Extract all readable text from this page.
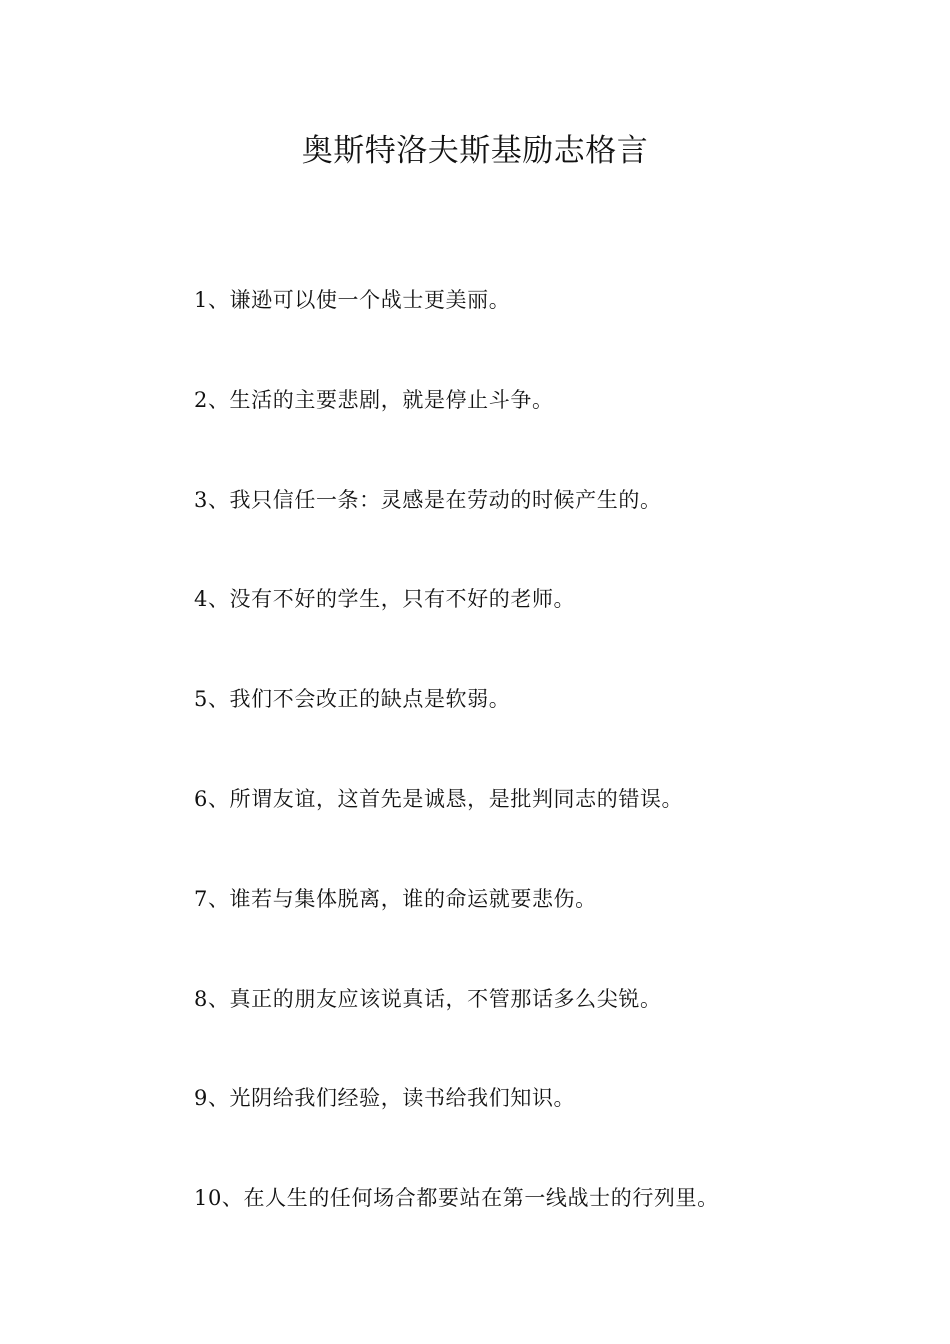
奥斯特洛夫斯基励志格言
1、谦逊可以使一个战士更美丽。
2、生活的主要悲剧，就是停止斗争。
3、我只信任一条：灵感是在劳动的时候产生的。
4、没有不好的学生，只有不好的老师。
5、我们不会改正的缺点是软弱。
6、所谓友谊，这首先是诚恳，是批判同志的错误。
7、谁若与集体脱离，谁的命运就要悲伤。
8、真正的朋友应该说真话，不管那话多么尖锐。
9、光阴给我们经验，读书给我们知识。
10、在人生的任何场合都要站在第一线战士的行列里。
